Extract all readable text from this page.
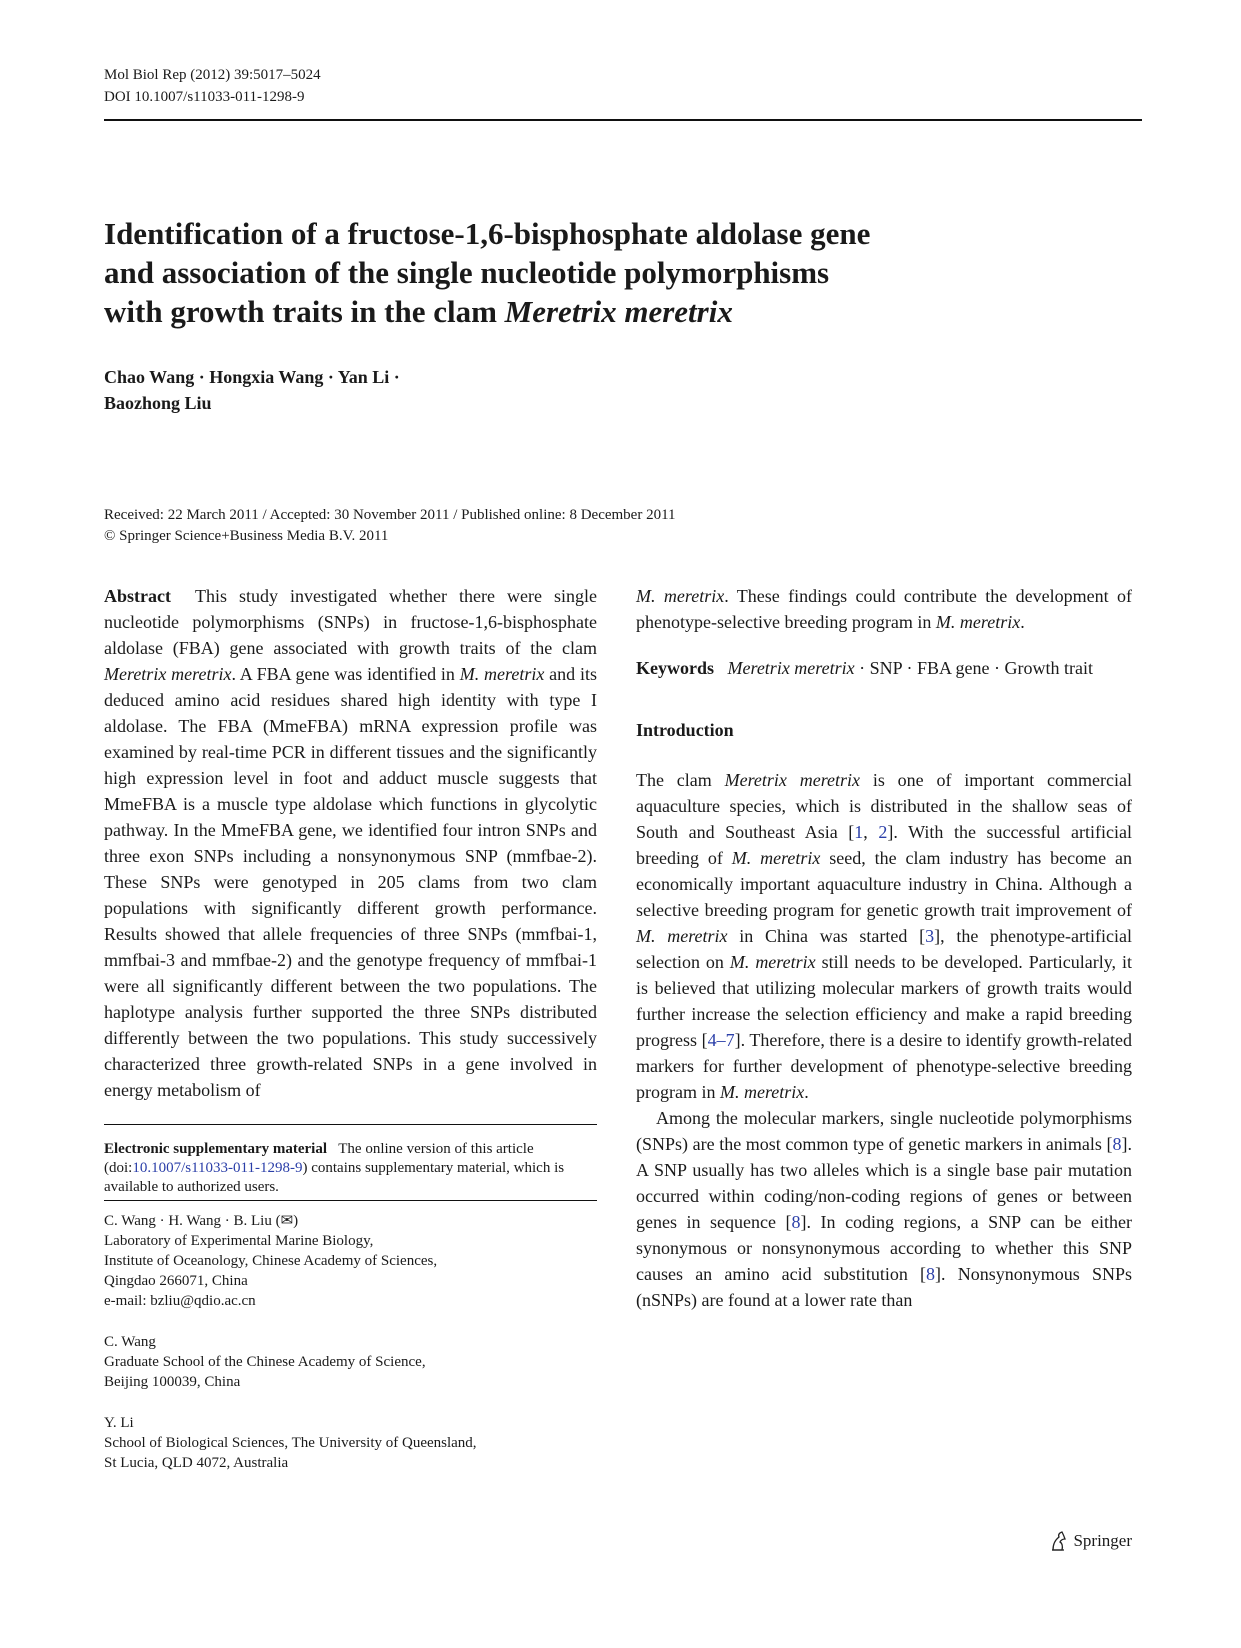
Mol Biol Rep (2012) 39:5017–5024
DOI 10.1007/s11033-011-1298-9
Identification of a fructose-1,6-bisphosphate aldolase gene
and association of the single nucleotide polymorphisms
with growth traits in the clam Meretrix meretrix
Chao Wang · Hongxia Wang · Yan Li ·
Baozhong Liu
Received: 22 March 2011 / Accepted: 30 November 2011 / Published online: 8 December 2011
© Springer Science+Business Media B.V. 2011

Abstract This study investigated whether there were single nucleotide polymorphisms (SNPs) in fructose-1,6-bisphosphate aldolase (FBA) gene associated with growth traits of the clam Meretrix meretrix. A FBA gene was identified in M. meretrix and its deduced amino acid residues shared high identity with type I aldolase. The FBA (MmeFBA) mRNA expression profile was examined by real-time PCR in different tissues and the significantly high expression level in foot and adduct muscle suggests that MmeFBA is a muscle type aldolase which functions in glycolytic pathway. In the MmeFBA gene, we identified four intron SNPs and three exon SNPs including a nonsynonymous SNP (mmfbae-2). These SNPs were genotyped in 205 clams from two clam populations with significantly different growth performance. Results showed that allele frequencies of three SNPs (mmfbai-1, mmfbai-3 and mmfbae-2) and the genotype frequency of mmfbai-1 were all significantly different between the two populations. The haplotype analysis further supported the three SNPs distributed differently between the two populations. This study successively characterized three growth-related SNPs in a gene involved in energy metabolism of

M. meretrix. These findings could contribute the development of phenotype-selective breeding program in M. meretrix.

Keywords Meretrix meretrix · SNP · FBA gene · Growth trait

Introduction

The clam Meretrix meretrix is one of important commercial aquaculture species, which is distributed in the shallow seas of South and Southeast Asia [1, 2]. With the successful artificial breeding of M. meretrix seed, the clam industry has become an economically important aquaculture industry in China. Although a selective breeding program for genetic growth trait improvement of M. meretrix in China was started [3], the phenotype-artificial selection on M. meretrix still needs to be developed. Particularly, it is believed that utilizing molecular markers of growth traits would further increase the selection efficiency and make a rapid breeding progress [4–7]. Therefore, there is a desire to identify growth-related markers for further development of phenotype-selective breeding program in M. meretrix.

Among the molecular markers, single nucleotide polymorphisms (SNPs) are the most common type of genetic markers in animals [8]. A SNP usually has two alleles which is a single base pair mutation occurred within coding/non-coding regions of genes or between genes in sequence [8]. In coding regions, a SNP can be either synonymous or nonsynonymous according to whether this SNP causes an amino acid substitution [8]. Nonsynonymous SNPs (nSNPs) are found at a lower rate than

Electronic supplementary material The online version of this article (doi:10.1007/s11033-011-1298-9) contains supplementary material, which is available to authorized users.
C. Wang · H. Wang · B. Liu (✉)
Laboratory of Experimental Marine Biology,
Institute of Oceanology, Chinese Academy of Sciences,
Qingdao 266071, China
e-mail: bzliu@qdio.ac.cn
C. Wang
Graduate School of the Chinese Academy of Science,
Beijing 100039, China
Y. Li
School of Biological Sciences, The University of Queensland,
St Lucia, QLD 4072, Australia
Springer
